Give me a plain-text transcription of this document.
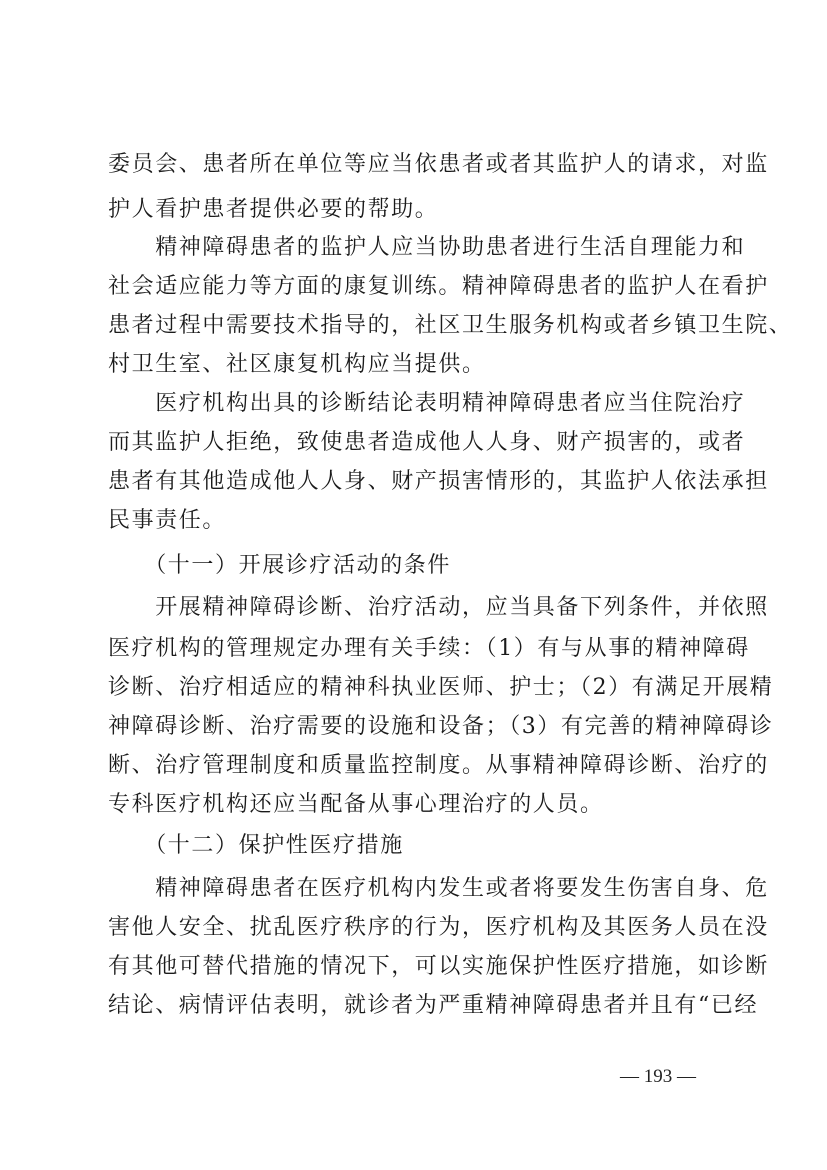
委员会、患者所在单位等应当依患者或者其监护人的请求，对监
护人看护患者提供必要的帮助。
　　精神障碍患者的监护人应当协助患者进行生活自理能力和
社会适应能力等方面的康复训练。精神障碍患者的监护人在看护
患者过程中需要技术指导的，社区卫生服务机构或者乡镇卫生院、
村卫生室、社区康复机构应当提供。
　　医疗机构出具的诊断结论表明精神障碍患者应当住院治疗
而其监护人拒绝，致使患者造成他人人身、财产损害的，或者
患者有其他造成他人人身、财产损害情形的，其监护人依法承担
民事责任。
　　（十一）开展诊疗活动的条件
　　开展精神障碍诊断、治疗活动，应当具备下列条件，并依照
医疗机构的管理规定办理有关手续：（1）有与从事的精神障碍
诊断、治疗相适应的精神科执业医师、护士；（2）有满足开展精
神障碍诊断、治疗需要的设施和设备；（3）有完善的精神障碍诊
断、治疗管理制度和质量监控制度。从事精神障碍诊断、治疗的
专科医疗机构还应当配备从事心理治疗的人员。
　　（十二）保护性医疗措施
　　精神障碍患者在医疗机构内发生或者将要发生伤害自身、危
害他人安全、扰乱医疗秩序的行为，医疗机构及其医务人员在没
有其他可替代措施的情况下，可以实施保护性医疗措施，如诊断
结论、病情评估表明，就诊者为严重精神障碍患者并且有“已经
— 193 —
